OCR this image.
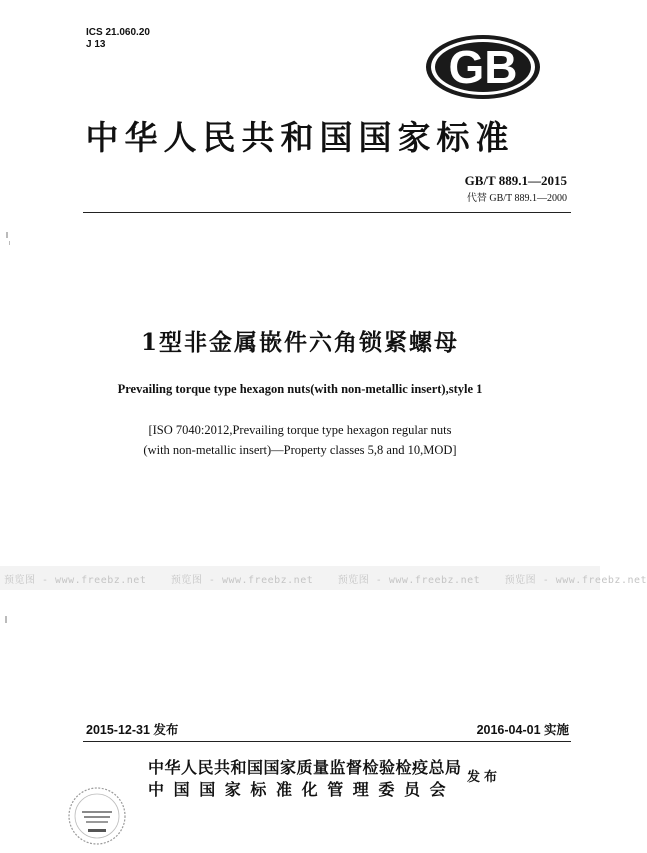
ICS 21.060.20
J 13	GB
中华人民共和国国家标准
GB/T 889.1—2015
代替 GB/T 889.1—2000
1型非金属嵌件六角锁紧螺母
Prevailing torque type hexagon nuts(with non-metallic insert),style 1
[ISO 7040:2012,Prevailing torque type hexagon regular nuts
(with non-metallic insert)—Property classes 5,8 and 10,MOD]
预览图 - www.freebz.net 预览图 - www.freebz.net 预览图 - www.freebz.net 预览图 - www.freebz.net
2015-12-31 发布	2016-04-01 实施
中华人民共和国国家质量监督检验检疫总局
中国国家标准化管理委员会
发布
